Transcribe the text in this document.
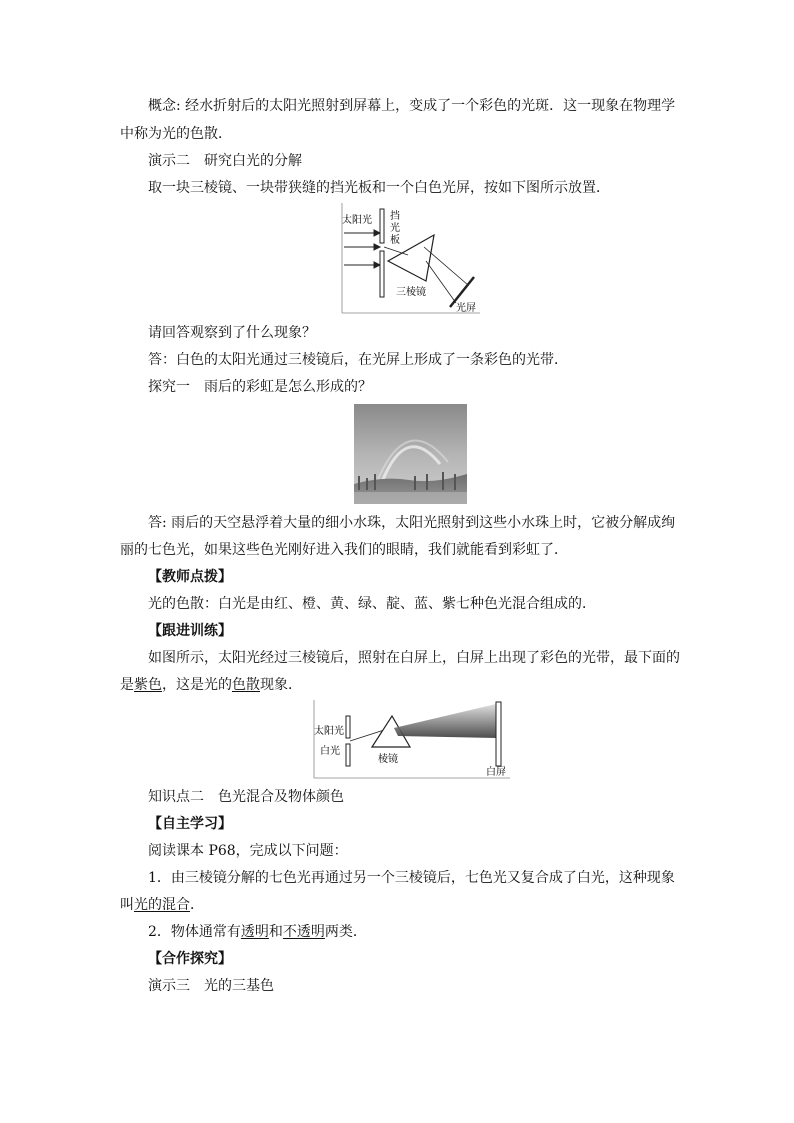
概念: 经水折射后的太阳光照射到屏幕上，变成了一个彩色的光斑．这一现象在物理学
中称为光的色散．
演示二　研究白光的分解
取一块三棱镜、一块带狭缝的挡光板和一个白色光屏，按如下图所示放置．
太阳光 挡
光
板
三棱镜
光屏
请回答观察到了什么现象？
答：白色的太阳光通过三棱镜后，在光屏上形成了一条彩色的光带．
探究一　雨后的彩虹是怎么形成的？
答: 雨后的天空悬浮着大量的细小水珠，太阳光照射到这些小水珠上时，它被分解成绚
丽的七色光，如果这些色光刚好进入我们的眼睛，我们就能看到彩虹了．
【教师点拨】
光的色散：白光是由红、橙、黄、绿、靛、蓝、紫七种色光混合组成的．
【跟进训练】
如图所示，太阳光经过三棱镜后，照射在白屏上，白屏上出现了彩色的光带，最下面的
是紫色，这是光的色散现象．
太阳光
白光
棱镜
白屏
知识点二　色光混合及物体颜色
【自主学习】
阅读课本 P68，完成以下问题：
1．由三棱镜分解的七色光再通过另一个三棱镜后，七色光又复合成了白光，这种现象
叫光的混合．
2．物体通常有透明和不透明两类．
【合作探究】
演示三　光的三基色
